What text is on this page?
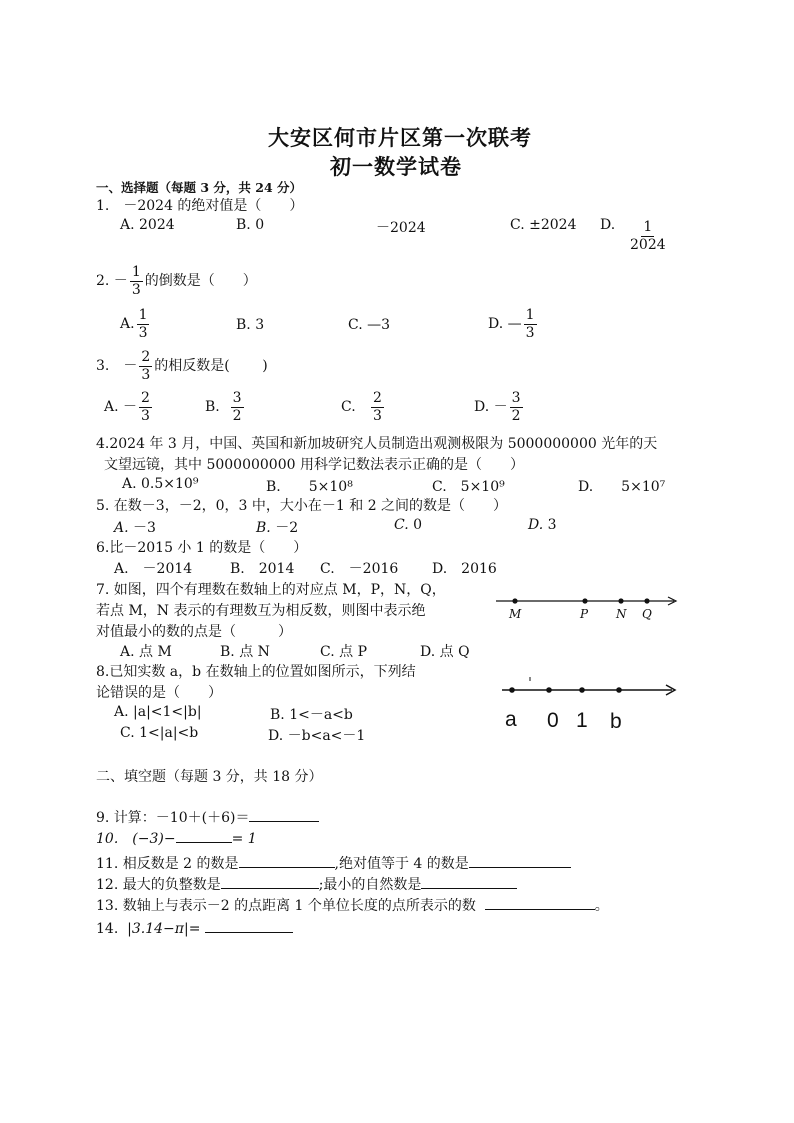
大安区何市片区第一次联考
初一数学试卷
一、选择题（每题 3 分，共 24 分）
1.　－2024 的绝对值是（　　）
A. 2024	B. 0	－2024	C. ±2024 D. $\frac{1}{2024}$
2. － $\frac{1}{3}$ 的倒数是（　　）
A. $\frac{1}{3}$	B. 3	C. —3	D. — $\frac{1}{3}$
3.　－ $\frac{2}{3}$ 的相反数是(　　 )
A. － $\frac{2}{3}$	B. $\frac{3}{2}$	C. $\frac{2}{3}$	D. － $\frac{3}{2}$
4.2024 年 3 月，中国、英国和新加坡研究人员制造出观测极限为 5000000000 光年的天
文望远镜，其中 5000000000 用科学记数法表示正确的是（　　）
A. 0.5×10⁹	B.　　5×10⁸	C.　5×10⁹	D.　　5×10⁷
5. 在数－3，－2，0，3 中，大小在－1 和 2 之间的数是（　　）
A. －3	B. －2	C. 0	D. 3
6.比－2015 小 1 的数是（　　）
A.　－2014	B.　2014 C.　－2016 D.　2016
7. 如图，四个有理数在数轴上的对应点 M，P，N，Q，
若点 M，N 表示的有理数互为相反数，则图中表示绝
对值最小的数的点是（　　　）
A. 点 M	B. 点 N	C. 点 P	D. 点 Q
M	P N Q
8.已知实数 a，b 在数轴上的位置如图所示，下列结
论错误的是（　　）
A. |a|<1<|b|	B. 1<－a<b
C. 1<|a|<b	D. －b<a<－1
a 0 1 b
二、填空题（每题 3 分，共 18 分）
9. 计算：－10＋(＋6)＝
10.　(−3)−	= 1
11. 相反数是 2 的数是	,绝对值等于 4 的数是
12. 最大的负整数是	;最小的自然数是
13. 数轴上与表示－2 的点距离 1 个单位长度的点所表示的数	。
14. |3.14−π|=
